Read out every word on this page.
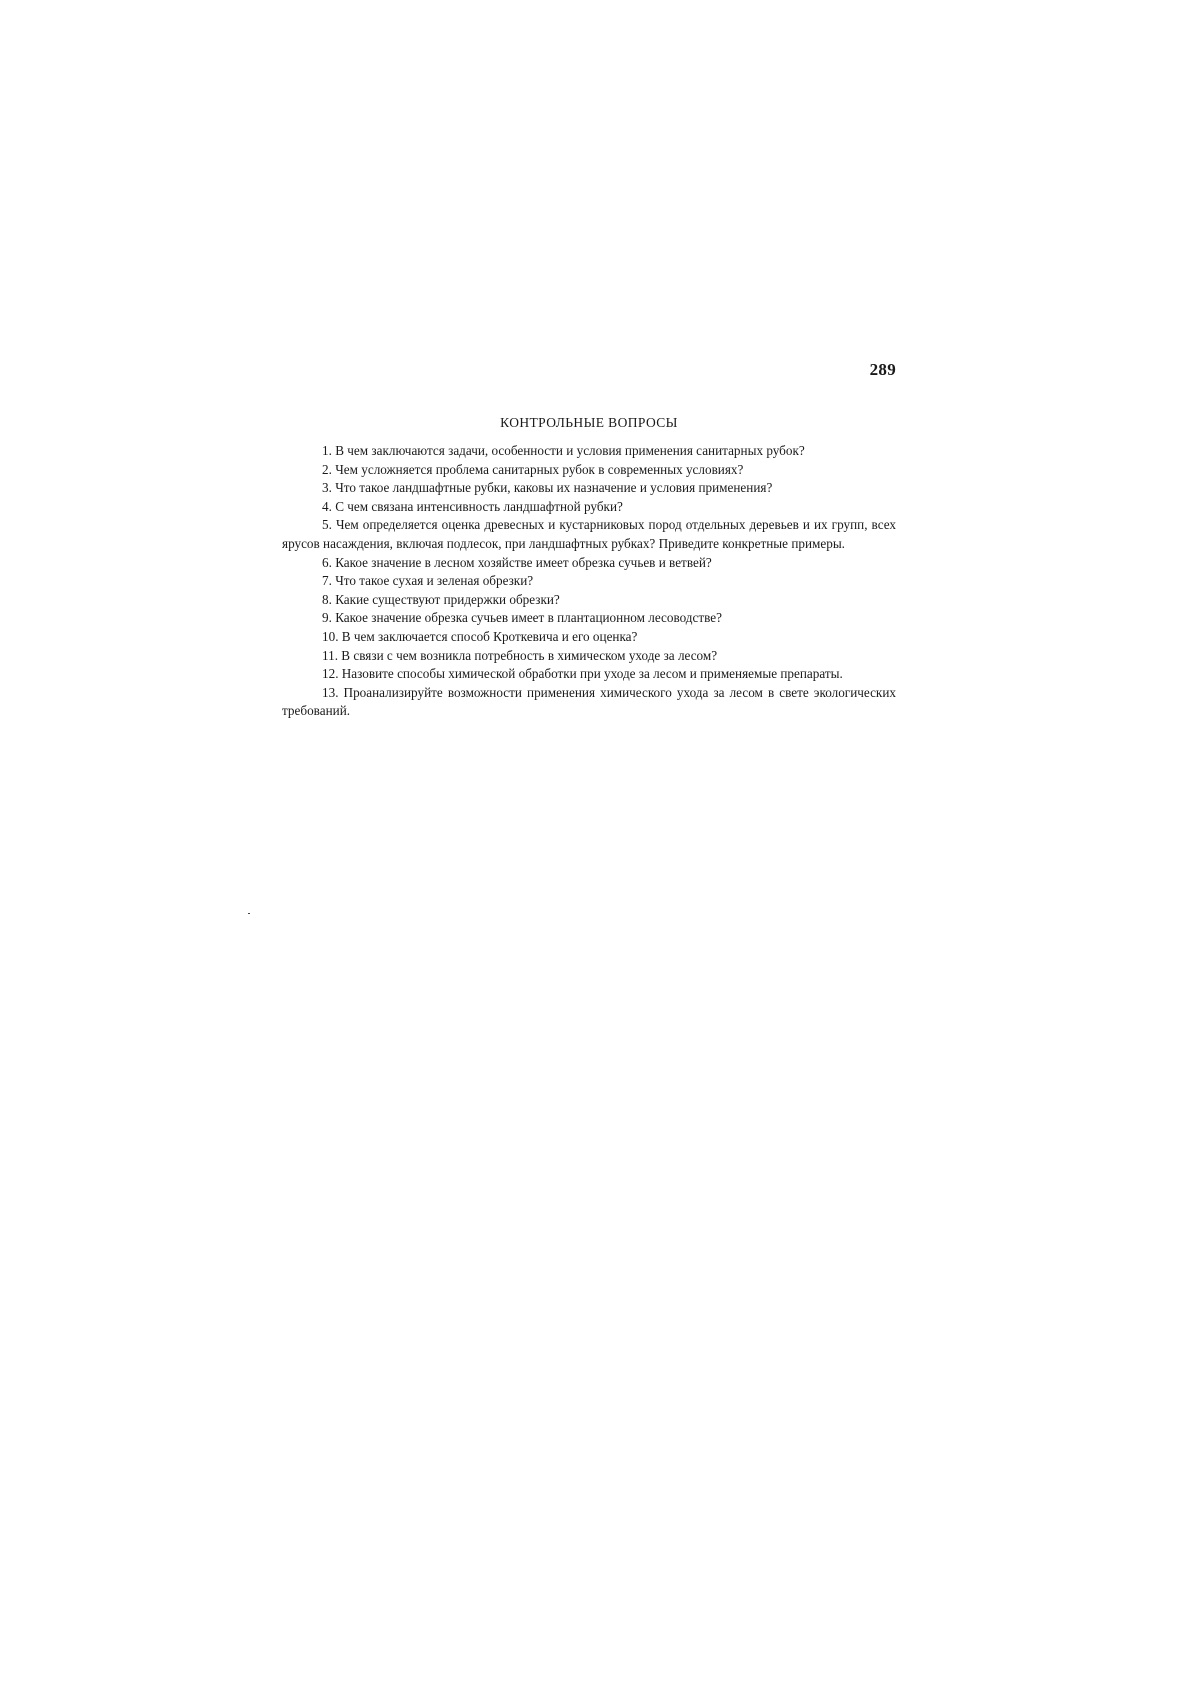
289
КОНТРОЛЬНЫЕ ВОПРОСЫ

1. В чем заключаются задачи, особенности и условия применения санитарных рубок?

2. Чем усложняется проблема санитарных рубок в современных условиях?

3. Что такое ландшафтные рубки, каковы их назначение и условия применения?

4. С чем связана интенсивность ландшафтной рубки?

5. Чем определяется оценка древесных и кустарниковых пород отдельных деревьев и их групп, всех ярусов насаждения, включая подлесок, при ландшафтных рубках? Приведите конкретные примеры.

6. Какое значение в лесном хозяйстве имеет обрезка сучьев и ветвей?

7. Что такое сухая и зеленая обрезки?

8. Какие существуют придержки обрезки?

9. Какое значение обрезка сучьев имеет в плантационном лесоводстве?

10. В чем заключается способ Кроткевича и его оценка?

11. В связи с чем возникла потребность в химическом уходе за лесом?

12. Назовите способы химической обработки при уходе за лесом и применяемые препараты.

13. Проанализируйте возможности применения химического ухода за лесом в свете экологических требований.
